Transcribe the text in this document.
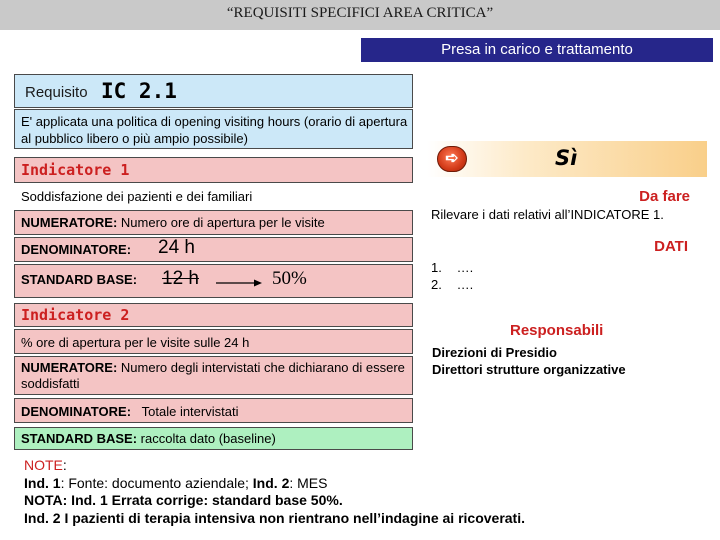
“REQUISITI SPECIFICI AREA CRITICA”
Presa in carico e trattamento
Requisito IC 2.1
E' applicata una politica di opening visiting hours (orario di apertura al pubblico libero o più ampio possibile)
Indicatore 1
Soddisfazione dei pazienti e dei familiari
NUMERATORE: Numero ore di apertura per le visite
DENOMINATORE: 24 h
STANDARD BASE: 12 h	50%
Indicatore 2
% ore di apertura per le visite sulle 24 h
NUMERATORE: Numero degli intervistati che dichiarano di essere soddisfatti
DENOMINATORE: Totale intervistati
STANDARD BASE: raccolta dato (baseline)
➪	Sì
Da fare
Rilevare i dati relativi all’INDICATORE 1.
DATI
1. ….
2. ….
Responsabili
Direzioni di Presidio
Direttori strutture organizzative
NOTE:
Ind. 1: Fonte: documento aziendale; Ind. 2: MES
NOTA: Ind. 1 Errata corrige: standard base 50%.
Ind. 2 I pazienti di terapia intensiva non rientrano nell’indagine ai ricoverati.
